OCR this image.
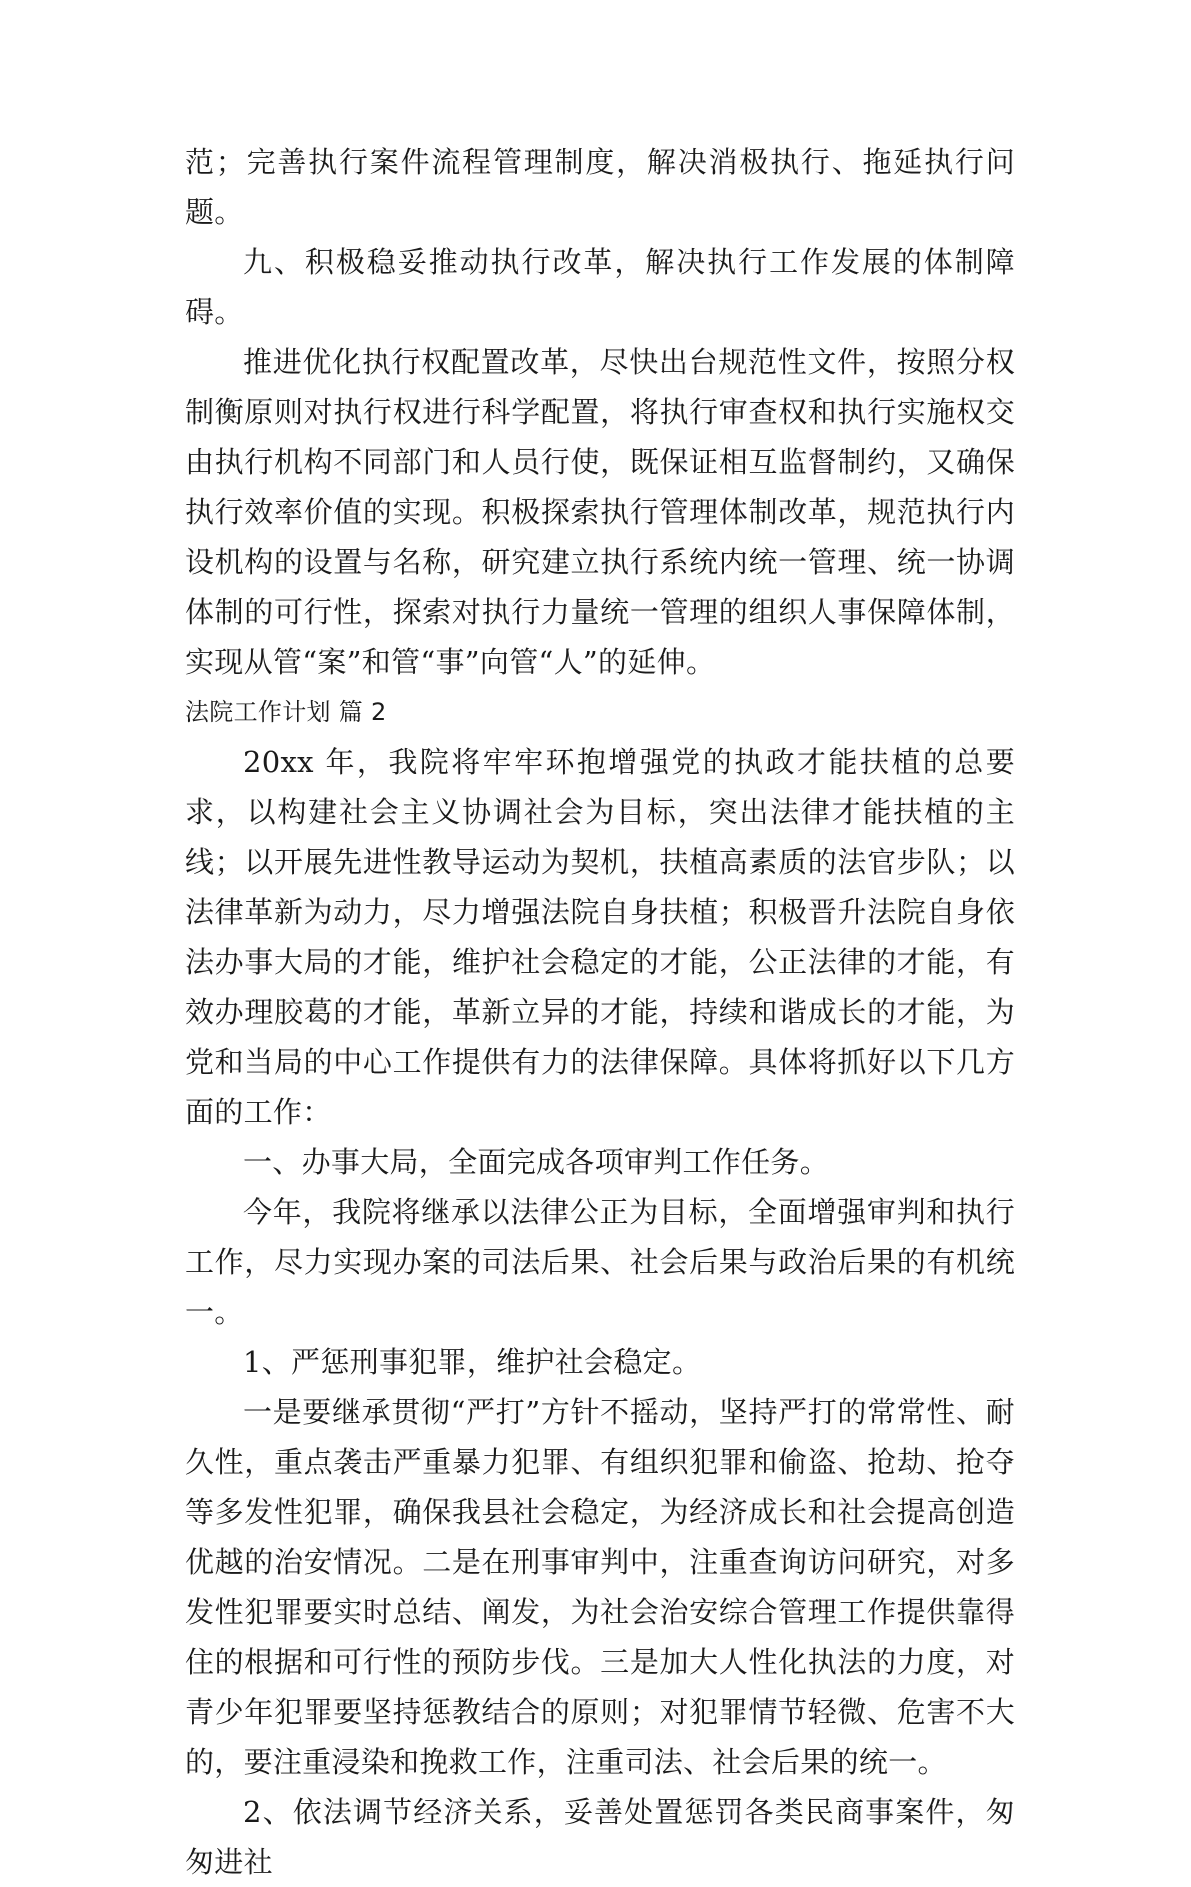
范；完善执行案件流程管理制度，解决消极执行、拖延执行问题。

九、积极稳妥推动执行改革，解决执行工作发展的体制障碍。

推进优化执行权配置改革，尽快出台规范性文件，按照分权制衡原则对执行权进行科学配置，将执行审查权和执行实施权交由执行机构不同部门和人员行使，既保证相互监督制约，又确保执行效率价值的实现。积极探索执行管理体制改革，规范执行内设机构的设置与名称，研究建立执行系统内统一管理、统一协调体制的可行性，探索对执行力量统一管理的组织人事保障体制，实现从管“案”和管“事”向管“人”的延伸。

法院工作计划 篇 2

20xx 年，我院将牢牢环抱增强党的执政才能扶植的总要求，以构建社会主义协调社会为目标，突出法律才能扶植的主线；以开展先进性教导运动为契机，扶植高素质的法官步队；以法律革新为动力，尽力增强法院自身扶植；积极晋升法院自身依法办事大局的才能，维护社会稳定的才能，公正法律的才能，有效办理胶葛的才能，革新立异的才能，持续和谐成长的才能，为党和当局的中心工作提供有力的法律保障。具体将抓好以下几方面的工作：

一、办事大局，全面完成各项审判工作任务。

今年，我院将继承以法律公正为目标，全面增强审判和执行工作，尽力实现办案的司法后果、社会后果与政治后果的有机统一。

1、严惩刑事犯罪，维护社会稳定。

一是要继承贯彻“严打”方针不摇动，坚持严打的常常性、耐久性，重点袭击严重暴力犯罪、有组织犯罪和偷盗、抢劫、抢夺等多发性犯罪，确保我县社会稳定，为经济成长和社会提高创造优越的治安情况。二是在刑事审判中，注重查询访问研究，对多发性犯罪要实时总结、阐发，为社会治安综合管理工作提供靠得住的根据和可行性的预防步伐。三是加大人性化执法的力度，对青少年犯罪要坚持惩教结合的原则；对犯罪情节轻微、危害不大的，要注重浸染和挽救工作，注重司法、社会后果的统一。

2、依法调节经济关系，妥善处置惩罚各类民商事案件，匆匆进社
